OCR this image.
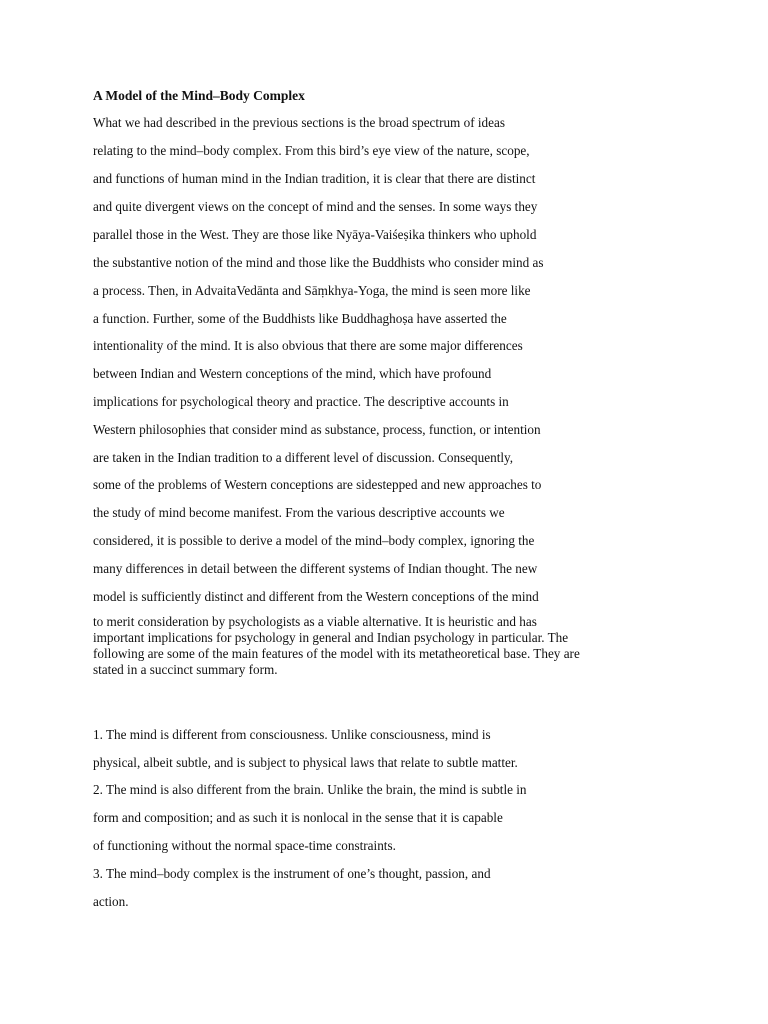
A Model of the Mind–Body Complex
What we had described in the previous sections is the broad spectrum of ideas
relating to the mind–body complex. From this bird’s eye view of the nature, scope,
and functions of human mind in the Indian tradition, it is clear that there are distinct
and quite divergent views on the concept of mind and the senses. In some ways they
parallel those in the West. They are those like Nyāya-Vaiśeṣika thinkers who uphold
the substantive notion of the mind and those like the Buddhists who consider mind as
a process. Then, in AdvaitaVedānta and Sāṃkhya-Yoga, the mind is seen more like
a function. Further, some of the Buddhists like Buddhaghoṣa have asserted the
intentionality of the mind. It is also obvious that there are some major differences
between Indian and Western conceptions of the mind, which have profound
implications for psychological theory and practice. The descriptive accounts in
Western philosophies that consider mind as substance, process, function, or intention
are taken in the Indian tradition to a different level of discussion. Consequently,
some of the problems of Western conceptions are sidestepped and new approaches to
the study of mind become manifest. From the various descriptive accounts we
considered, it is possible to derive a model of the mind–body complex, ignoring the
many differences in detail between the different systems of Indian thought. The new
model is sufficiently distinct and different from the Western conceptions of the mind
to merit consideration by psychologists as a viable alternative. It is heuristic and has
important implications for psychology in general and Indian psychology in particular. The
following are some of the main features of the model with its metatheoretical base. They are
stated in a succinct summary form.
1. The mind is different from consciousness. Unlike consciousness, mind is
physical, albeit subtle, and is subject to physical laws that relate to subtle matter.
2. The mind is also different from the brain. Unlike the brain, the mind is subtle in
form and composition; and as such it is nonlocal in the sense that it is capable
of functioning without the normal space-time constraints.
3. The mind–body complex is the instrument of one’s thought, passion, and
action.
